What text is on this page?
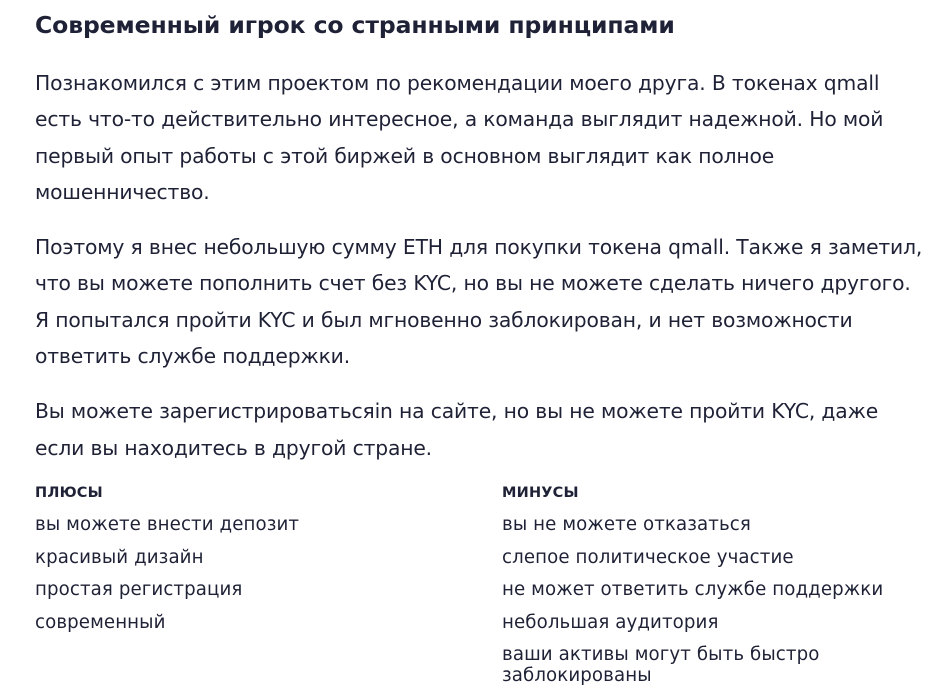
Современный игрок со странными принципами

Познакомился с этим проектом по рекомендации моего друга. В токенах qmall есть что-то действительно интересное, а команда выглядит надежной. Но мой первый опыт работы с этой биржей в основном выглядит как полное мошенничество.

Поэтому я внес небольшую сумму ETH для покупки токена qmall. Также я заметил, что вы можете пополнить счет без KYC, но вы не можете сделать ничего другого. Я попытался пройти KYC и был мгновенно заблокирован, и нет возможности ответить службе поддержки.

Вы можете зарегистрироватьсяin на сайте, но вы не можете пройти KYC, даже если вы находитесь в другой стране.

ПЛЮСЫ
вы можете внести депозит
красивый дизайн
простая регистрация
современный
МИНУСЫ
вы не можете отказаться
слепое политическое участие
не может ответить службе поддержки
небольшая аудитория
ваши активы могут быть быстро заблокированы
